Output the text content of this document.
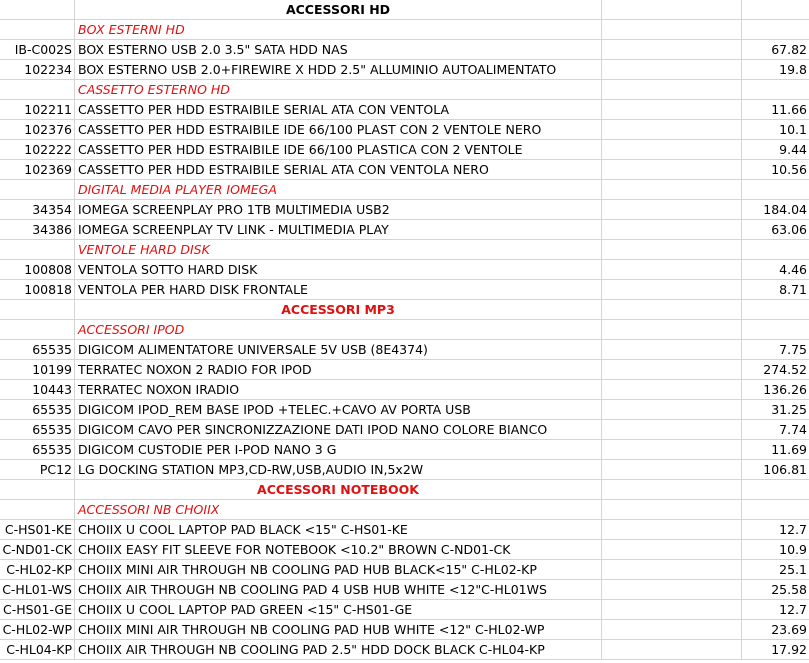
ACCESSORI HD
BOX ESTERNI HD
IB-C002S BOX ESTERNO USB 2.0 3.5" SATA HDD NAS	67.82
102234 BOX ESTERNO USB 2.0+FIREWIRE X HDD 2.5" ALLUMINIO AUTOALIMENTATO	19.8
CASSETTO ESTERNO HD
102211 CASSETTO PER HDD ESTRAIBILE SERIAL ATA CON VENTOLA	11.66
102376 CASSETTO PER HDD ESTRAIBILE IDE 66/100 PLAST CON 2 VENTOLE NERO	10.1
102222 CASSETTO PER HDD ESTRAIBILE IDE 66/100 PLASTICA CON 2 VENTOLE	9.44
102369 CASSETTO PER HDD ESTRAIBILE SERIAL ATA CON VENTOLA NERO	10.56
DIGITAL MEDIA PLAYER IOMEGA
34354 IOMEGA SCREENPLAY PRO 1TB MULTIMEDIA USB2	184.04
34386 IOMEGA SCREENPLAY TV LINK - MULTIMEDIA PLAY	63.06
VENTOLE HARD DISK
100808 VENTOLA SOTTO HARD DISK	4.46
100818 VENTOLA PER HARD DISK FRONTALE	8.71
ACCESSORI MP3
ACCESSORI IPOD
65535 DIGICOM ALIMENTATORE UNIVERSALE 5V USB (8E4374)	7.75
10199 TERRATEC NOXON 2 RADIO FOR IPOD	274.52
10443 TERRATEC NOXON IRADIO	136.26
65535 DIGICOM IPOD_REM BASE IPOD +TELEC.+CAVO AV PORTA USB	31.25
65535 DIGICOM CAVO PER SINCRONIZZAZIONE DATI IPOD NANO COLORE BIANCO	7.74
65535 DIGICOM CUSTODIE PER I-POD NANO 3 G	11.69
PC12 LG DOCKING STATION MP3,CD-RW,USB,AUDIO IN,5x2W	106.81
ACCESSORI NOTEBOOK
ACCESSORI NB CHOIIX
C-HS01-KE CHOIIX U COOL LAPTOP PAD BLACK <15" C-HS01-KE	12.7
C-ND01-CK CHOIIX EASY FIT SLEEVE FOR NOTEBOOK <10.2" BROWN C-ND01-CK	10.9
C-HL02-KP CHOIIX MINI AIR THROUGH NB COOLING PAD HUB BLACK<15" C-HL02-KP	25.1
C-HL01-WS CHOIIX AIR THROUGH NB COOLING PAD 4 USB HUB WHITE <12"C-HL01WS	25.58
C-HS01-GE CHOIIX U COOL LAPTOP PAD GREEN <15" C-HS01-GE	12.7
C-HL02-WP CHOIIX MINI AIR THROUGH NB COOLING PAD HUB WHITE <12" C-HL02-WP	23.69
C-HL04-KP CHOIIX AIR THROUGH NB COOLING PAD 2.5" HDD DOCK BLACK C-HL04-KP	17.92
